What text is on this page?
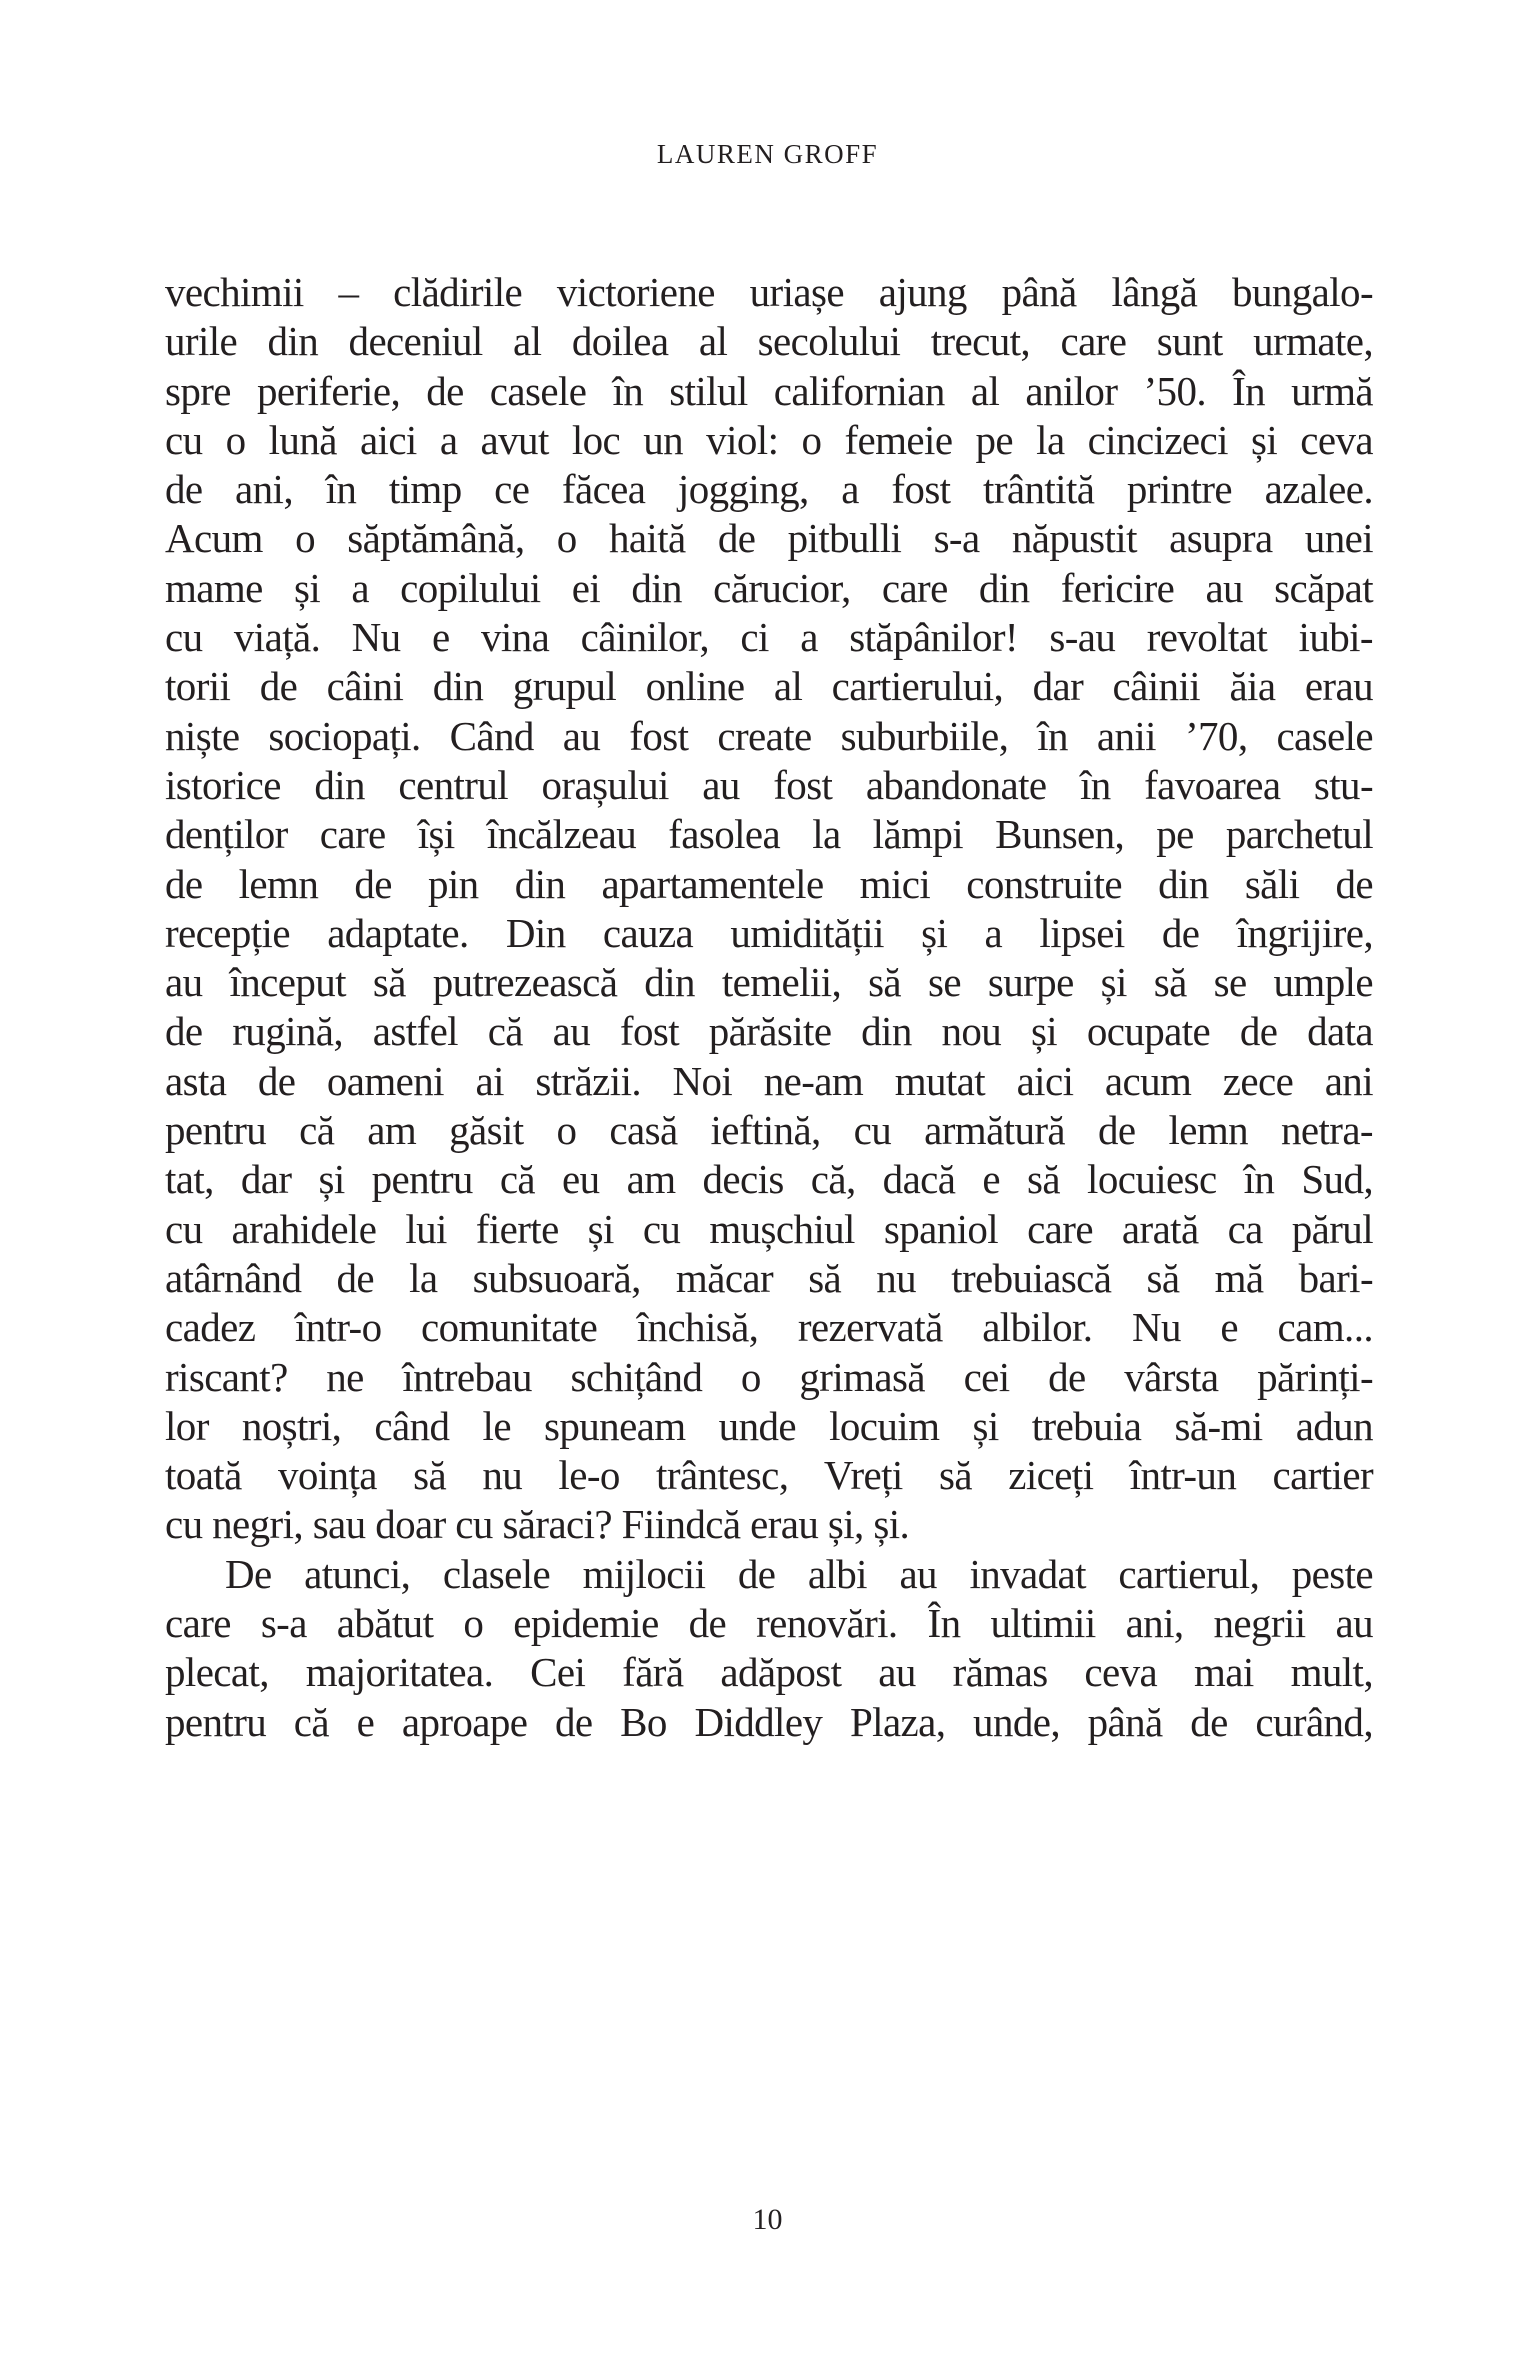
LAUREN GROFF
vechimii – clădirile victoriene uriașe ajung până lângă bungalo-
urile din deceniul al doilea al secolului trecut, care sunt urmate,
spre periferie, de casele în stilul californian al anilor ’50. În urmă
cu o lună aici a avut loc un viol: o femeie pe la cincizeci și ceva
de ani, în timp ce făcea jogging, a fost trântită printre azalee.
Acum o săptămână, o haită de pitbulli s-a năpustit asupra unei
mame și a copilului ei din cărucior, care din fericire au scăpat
cu viață. Nu e vina câinilor, ci a stăpânilor! s-au revoltat iubi-
torii de câini din grupul online al cartierului, dar câinii ăia erau
niște sociopați. Când au fost create suburbiile, în anii ’70, casele
istorice din centrul orașului au fost abandonate în favoarea stu-
denților care își încălzeau fasolea la lămpi Bunsen, pe parchetul
de lemn de pin din apartamentele mici construite din săli de
recepție adaptate. Din cauza umidității și a lipsei de îngrijire,
au început să putrezească din temelii, să se surpe și să se umple
de rugină, astfel că au fost părăsite din nou și ocupate de data
asta de oameni ai străzii. Noi ne-am mutat aici acum zece ani
pentru că am găsit o casă ieftină, cu armătură de lemn netra-
tat, dar și pentru că eu am decis că, dacă e să locuiesc în Sud,
cu arahidele lui fierte și cu mușchiul spaniol care arată ca părul
atârnând de la subsuoară, măcar să nu trebuiască să mă bari-
cadez într-o comunitate închisă, rezervată albilor. Nu e cam...
riscant? ne întrebau schițând o grimasă cei de vârsta părinți-
lor noștri, când le spuneam unde locuim și trebuia să-mi adun
toată voința să nu le-o trântesc, Vreți să ziceți într-un cartier
cu negri, sau doar cu săraci? Fiindcă erau și, și.
De atunci, clasele mijlocii de albi au invadat cartierul, peste
care s-a abătut o epidemie de renovări. În ultimii ani, negrii au
plecat, majoritatea. Cei fără adăpost au rămas ceva mai mult,
pentru că e aproape de Bo Diddley Plaza, unde, până de curând,
10
